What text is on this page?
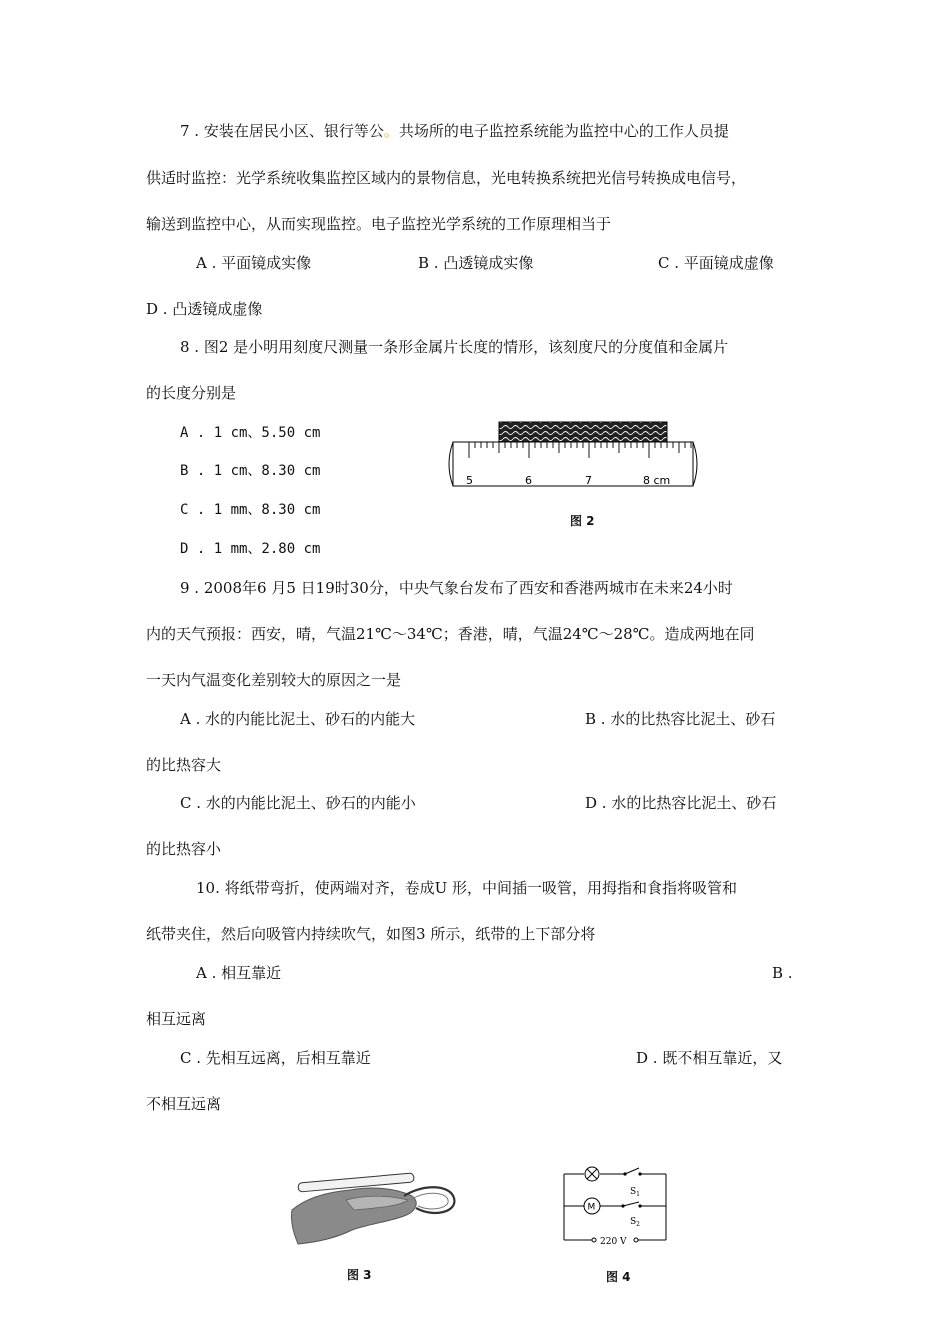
7 . 安装在居民小区、银行等公。共场所的电子监控系统能为监控中心的工作人员提
供适时监控：光学系统收集监控区域内的景物信息，光电转换系统把光信号转换成电信号，
输送到监控中心，从而实现监控。电子监控光学系统的工作原理相当于
A . 平面镜成实像	B . 凸透镜成实像	C . 平面镜成虚像
D . 凸透镜成虚像
8 . 图2 是小明用刻度尺测量一条形金属片长度的情形，该刻度尺的分度值和金属片
的长度分别是
A . 1 cm、5.50 cm
B . 1 cm、8.30 cm
C . 1 mm、8.30 cm
D . 1 mm、2.80 cm
5	6	7	8 cm
图 2
9 . 2008年6 月5 日19时30分，中央气象台发布了西安和香港两城市在未来24小时
内的天气预报：西安，晴，气温21℃～34℃；香港，晴，气温24℃～28℃。造成两地在同
一天内气温变化差别较大的原因之一是
A . 水的内能比泥土、砂石的内能大	B . 水的比热容比泥土、砂石
的比热容大
C . 水的内能比泥土、砂石的内能小	D . 水的比热容比泥土、砂石
的比热容小
10. 将纸带弯折，使两端对齐，卷成U 形，中间插一吸管，用拇指和食指将吸管和
纸带夹住，然后向吸管内持续吹气，如图3 所示，纸带的上下部分将
A . 相互靠近	B .
相互远离
C . 先相互远离，后相互靠近	D . 既不相互靠近，又
不相互远离
图 3
$S_1$
M
$S_2$
220 V
图 4
